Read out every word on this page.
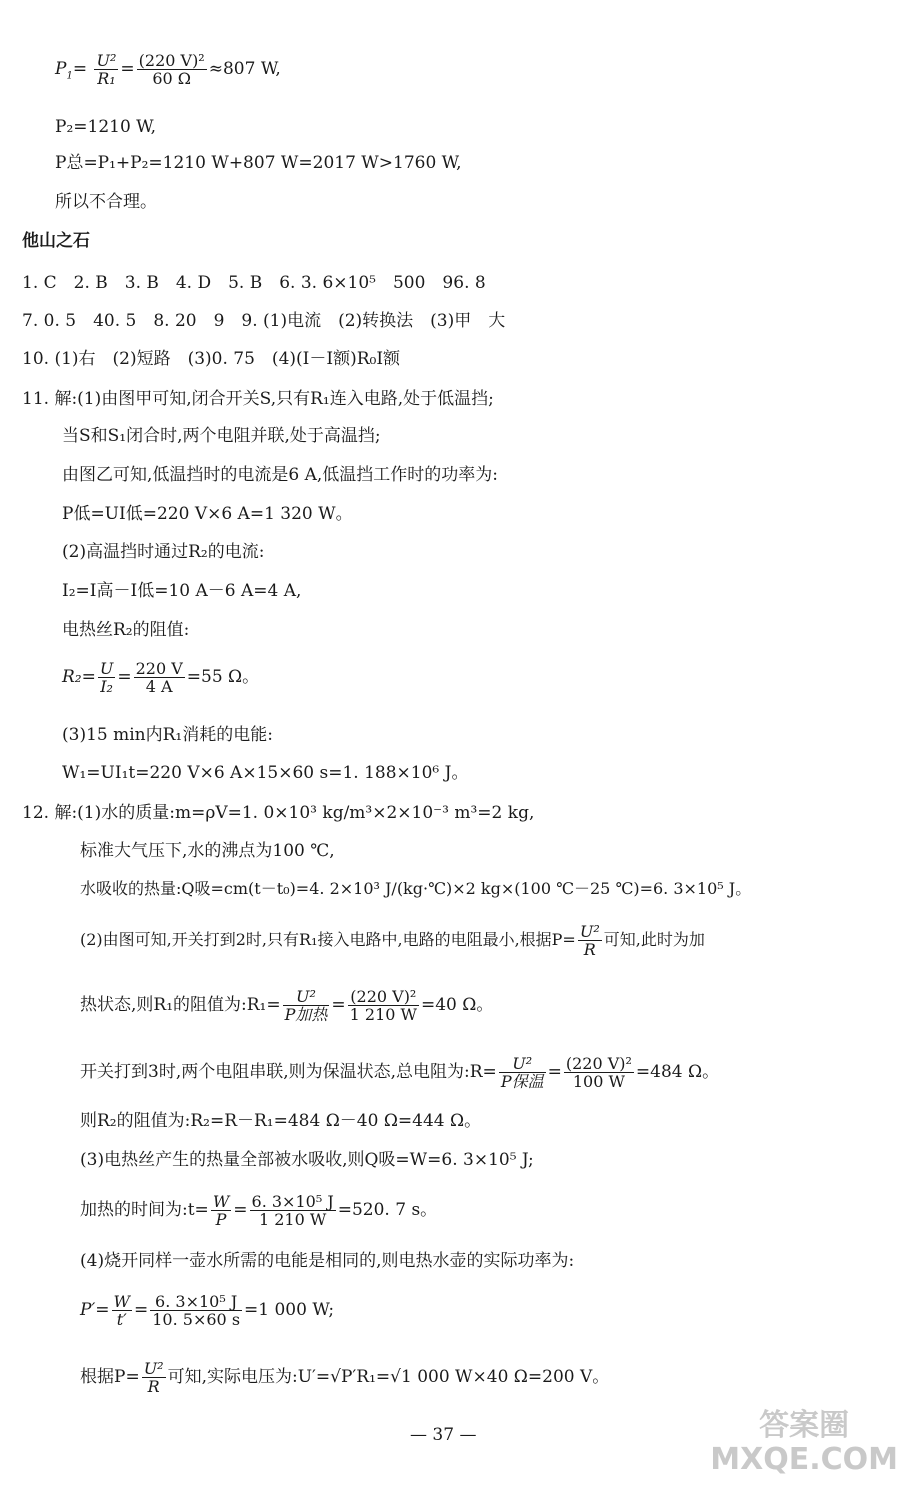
$P_1= \frac{\text{U²}}{\text{R₁}} = \frac{\text{(220 V)²}}{60 \Omega} \approx 807$ W,
P₂=1210 W,
P总=P₁+P₂=1210 W+807 W=2017 W>1760 W,
所以不合理。
他山之石
1. C　2. B　3. B　4. D　5. B　6. 3. 6×10⁵　500　96. 8
7. 0. 5　40. 5　8. 20　9　9. (1)电流　(2)转换法　(3)甲　大
10. (1)右　(2)短路　(3)0. 75　(4)(I－I额)R₀I额
11. 解:(1)由图甲可知,闭合开关S,只有R₁连入电路,处于低温挡;
当S和S₁闭合时,两个电阻并联,处于高温挡;
由图乙可知,低温挡时的电流是6 A,低温挡工作时的功率为:
P低=UI低=220 V×6 A=1 320 W。
(2)高温挡时通过R₂的电流:
I₂=I高－I低=10 A－6 A=4 A,
电热丝R₂的阻值:
$R_2= \frac{U}{\text{I₂}} = \frac{220 V}{4 A} =55$ Ω。
(3)15 min内R₁消耗的电能:
W₁=UI₁t=220 V×6 A×15×60 s=1. 188×10⁶ J。
12. 解:(1)水的质量:m=ρV=1. 0×10³ kg/m³×2×10⁻³ m³=2 kg,
标准大气压下,水的沸点为100 ℃,
水吸收的热量:Q吸=cm(t－t₀)=4. 2×10³ J/(kg·℃)×2 kg×(100 ℃－25 ℃)=6. 3×10⁵ J。
(2)由图可知,开关打到2时,只有R₁接入电路中,电路的电阻最小,根据$P= \frac{\text{U²}}{R}$ 可知,此时为加
热状态,则R₁的阻值为:R₁= $\frac{\text{U²}}{\text{P加热}} = \frac{\text{(220 V)²}}{1 210 W} =40$ Ω。
开关打到3时,两个电阻串联,则为保温状态,总电阻为:R= $\frac{\text{U²}}{\text{P保温}} = \frac{\text{(220 V)²}}{100 W} =484$ Ω。
则R₂的阻值为:R₂=R－R₁=484 Ω－40 Ω=444 Ω。
(3)电热丝产生的热量全部被水吸收,则Q吸=W=6. 3×10⁵ J;
加热的时间为:t= $\frac{W}{P} = \frac{\text{6. 3×10⁵ J}}{1 210 W} =520$. 7 s。
(4)烧开同样一壶水所需的电能是相同的,则电热水壶的实际功率为:
$P'= \frac{W}{t'} = \frac{\text{6. 3×10⁵ J}}{10. 5\times 60 s} =1$ 000 W;
根据$P= \frac{\text{U²}}{R}$ 可知,实际电压为:U′=√P′R₁=√1 000 W×40 Ω=200 V。
— 37 —	答案圈
MXQE.COM
